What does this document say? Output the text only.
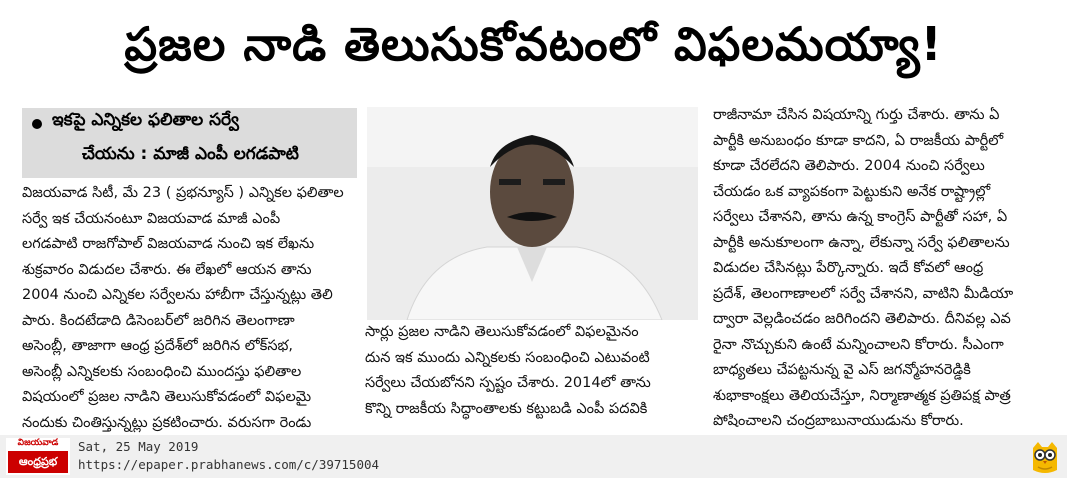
ప్రజల నాడి తెలుసుకోవటంలో విఫలమయ్యా!
ఇకపై ఎన్నికల ఫలితాల సర్వే
చేయను : మాజీ ఎంపీ లగడపాటి
విజయవాడ సిటీ, మే 23 ( ప్రభన్యూస్ ) ఎన్నికల ఫలితాల
సర్వే ఇక చేయనంటూ విజయవాడ మాజీ ఎంపీ
లగడపాటి రాజగోపాల్ విజయవాడ నుంచి ఇక లేఖను
శుక్రవారం విడుదల చేశారు. ఈ లేఖలో ఆయన తాను
2004 నుంచి ఎన్నికల సర్వేలను హాబీగా చేస్తున్నట్లు తెలి
పారు. కిందటేడాది డిసెంబర్‌లో జరిగిన తెలంగాణా
అసెంబ్లీ, తాజాగా ఆంధ్ర ప్రదేశ్‌లో జరిగిన లోక్‌సభ,
అసెంబ్లీ ఎన్నికలకు సంబంధించి ముందస్తు ఫలితాల
విషయంలో ప్రజల నాడిని తెలుసుకోవడంలో విఫలమై
నందుకు చింతిస్తున్నట్లు ప్రకటించారు. వరుసగా రెండు
సార్లు ప్రజల నాడిని తెలుసుకోవడంలో విఫలమైనం
దున ఇక ముందు ఎన్నికలకు సంబంధించి ఎటువంటి
సర్వేలు చేయబోనని స్పష్టం చేశారు. 2014లో తాను
కొన్ని రాజకీయ సిద్ధాంతాలకు కట్టుబడి ఎంపీ పదవికి
రాజీనామా చేసిన విషయాన్ని గుర్తు చేశారు. తాను ఏ
పార్టీకి అనుబంధం కూడా కాదని, ఏ రాజకీయ పార్టీలో
కూడా చేరలేదని తెలిపారు. 2004 నుంచి సర్వేలు
చేయడం ఒక వ్యాపకంగా పెట్టుకుని అనేక రాష్ట్రాల్లో
సర్వేలు చేశానని, తాను ఉన్న కాంగ్రెస్ పార్టీతో సహా, ఏ
పార్టీకి అనుకూలంగా ఉన్నా, లేకున్నా సర్వే ఫలితాలను
విడుదల చేసినట్లు పేర్కొన్నారు. ఇదే కోవలో ఆంధ్ర
ప్రదేశ్, తెలంగాణాలలో సర్వే చేశానని, వాటిని మీడియా
ద్వారా వెల్లడించడం జరిగిందని తెలిపారు. దీనివల్ల ఎవ
రైనా నొచ్చుకుని ఉంటే మన్నించాలని కోరారు. సీఎంగా
బాధ్యతలు చేపట్టనున్న వై ఎస్ జగన్మోహనరెడ్డికి
శుభాకాంక్షలు తెలియచేస్తూ, నిర్మాణాత్మక ప్రతిపక్ష పాత్ర
పోషించాలని చంద్రబాబునాయుడును కోరారు.
విజయవాడ
ఆంధ్రప్రభ
Sat, 25 May 2019
https://epaper.prabhanews.com/c/39715004
